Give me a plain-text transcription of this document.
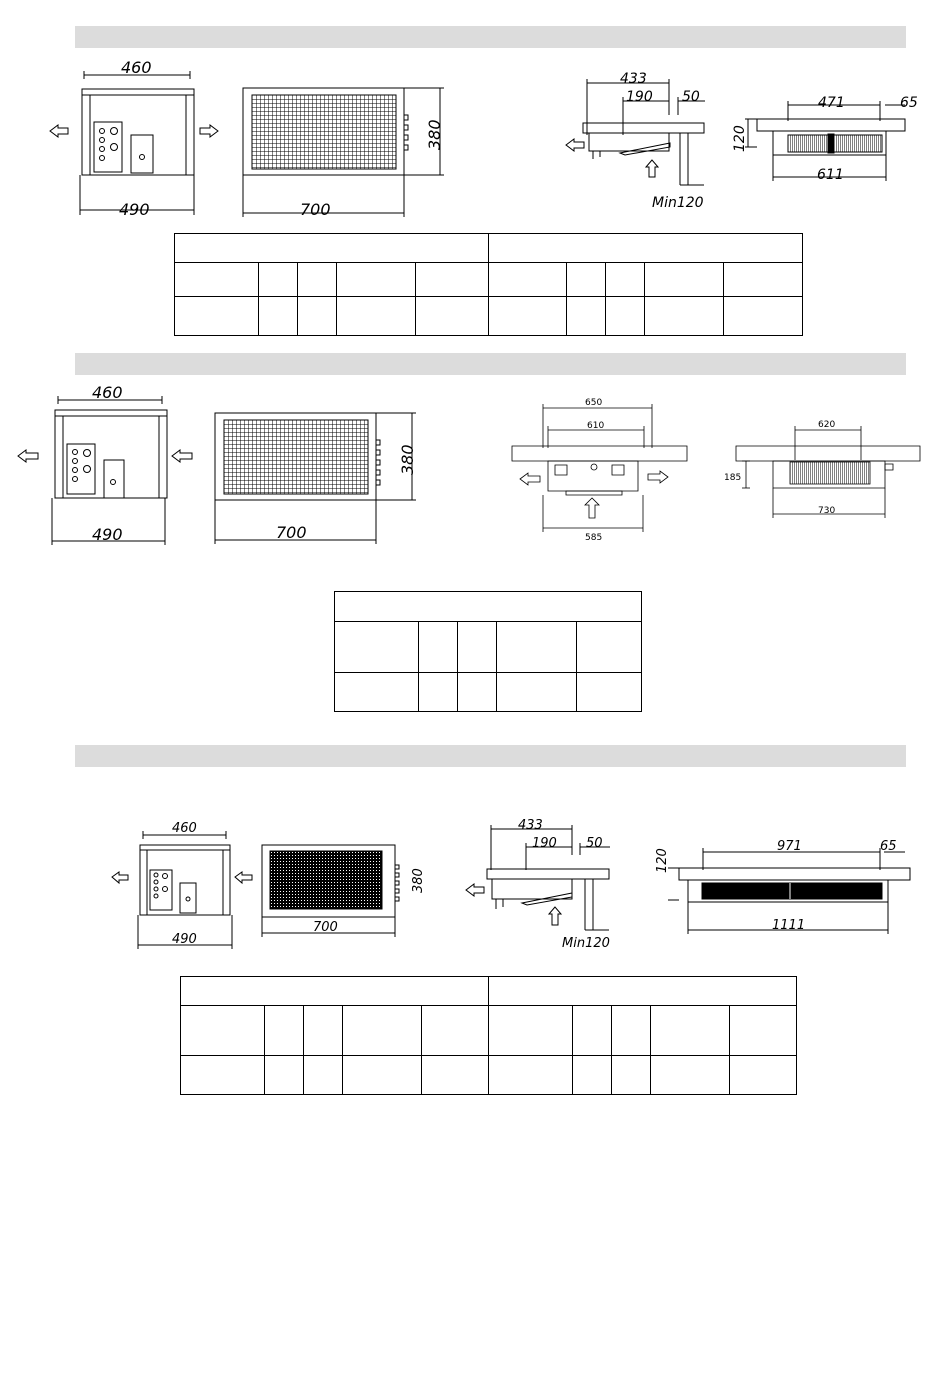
460
490	700
380
433
190 50
Min120
471	65
120
611

460
490	700
380
650
610
585
620
185
730

460
490
700
380
433
190 50
Min120
120
971	65
1111
